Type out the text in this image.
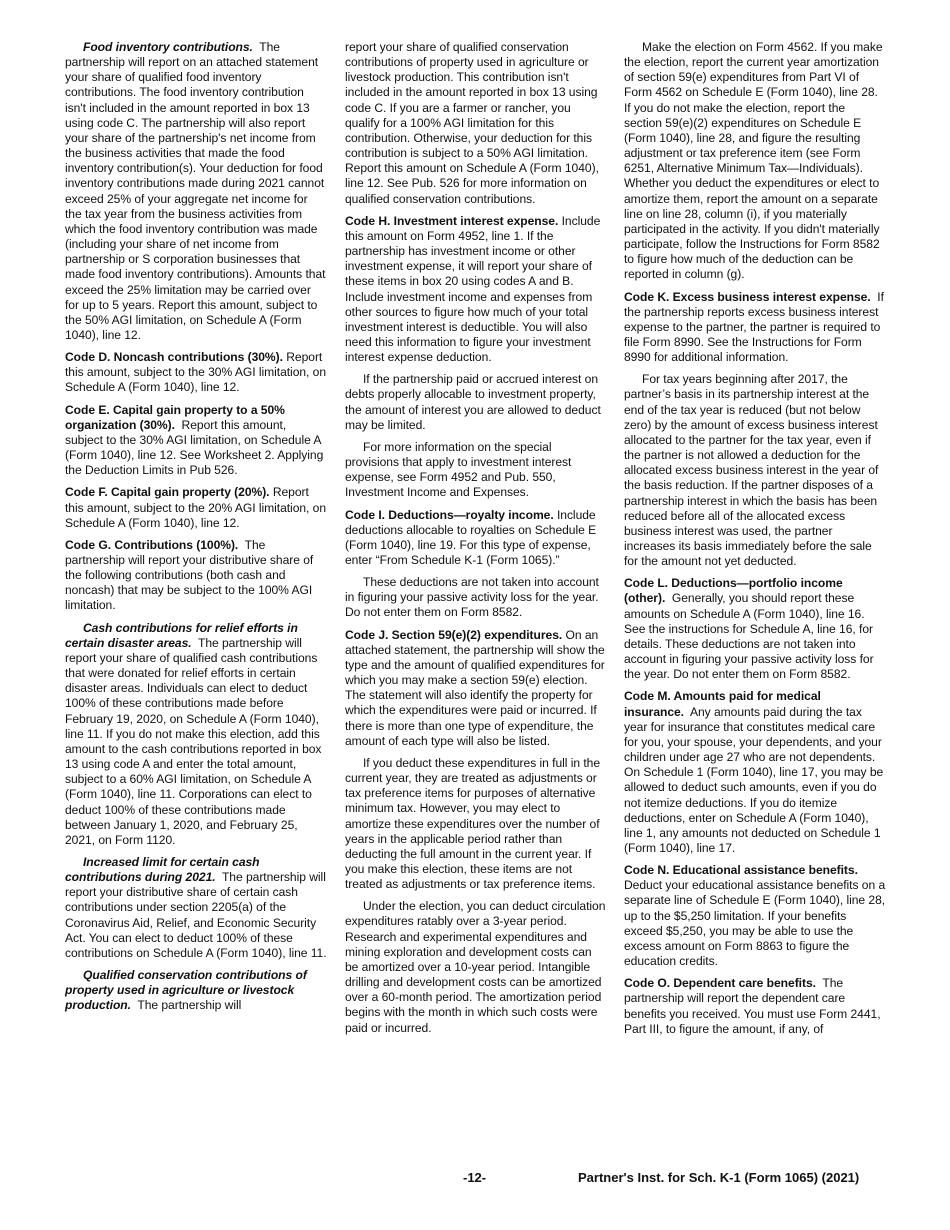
Food inventory contributions. The partnership will report on an attached statement your share of qualified food inventory contributions. The food inventory contribution isn't included in the amount reported in box 13 using code C. The partnership will also report your share of the partnership's net income from the business activities that made the food inventory contribution(s). Your deduction for food inventory contributions made during 2021 cannot exceed 25% of your aggregate net income for the tax year from the business activities from which the food inventory contribution was made (including your share of net income from partnership or S corporation businesses that made food inventory contributions). Amounts that exceed the 25% limitation may be carried over for up to 5 years. Report this amount, subject to the 50% AGI limitation, on Schedule A (Form 1040), line 12.

Code D. Noncash contributions (30%). Report this amount, subject to the 30% AGI limitation, on Schedule A (Form 1040), line 12.

Code E. Capital gain property to a 50% organization (30%). Report this amount, subject to the 30% AGI limitation, on Schedule A (Form 1040), line 12. See Worksheet 2. Applying the Deduction Limits in Pub 526.

Code F. Capital gain property (20%). Report this amount, subject to the 20% AGI limitation, on Schedule A (Form 1040), line 12.

Code G. Contributions (100%). The partnership will report your distributive share of the following contributions (both cash and noncash) that may be subject to the 100% AGI limitation.

Cash contributions for relief efforts in certain disaster areas. The partnership will report your share of qualified cash contributions that were donated for relief efforts in certain disaster areas. Individuals can elect to deduct 100% of these contributions made before February 19, 2020, on Schedule A (Form 1040), line 11. If you do not make this election, add this amount to the cash contributions reported in box 13 using code A and enter the total amount, subject to a 60% AGI limitation, on Schedule A (Form 1040), line 11. Corporations can elect to deduct 100% of these contributions made between January 1, 2020, and February 25, 2021, on Form 1120.

Increased limit for certain cash contributions during 2021. The partnership will report your distributive share of certain cash contributions under section 2205(a) of the Coronavirus Aid, Relief, and Economic Security Act. You can elect to deduct 100% of these contributions on Schedule A (Form 1040), line 11.

Qualified conservation contributions of property used in agriculture or livestock production. The partnership will

report your share of qualified conservation contributions of property used in agriculture or livestock production. This contribution isn't included in the amount reported in box 13 using code C. If you are a farmer or rancher, you qualify for a 100% AGI limitation for this contribution. Otherwise, your deduction for this contribution is subject to a 50% AGI limitation. Report this amount on Schedule A (Form 1040), line 12. See Pub. 526 for more information on qualified conservation contributions.

Code H. Investment interest expense. Include this amount on Form 4952, line 1. If the partnership has investment income or other investment expense, it will report your share of these items in box 20 using codes A and B. Include investment income and expenses from other sources to figure how much of your total investment interest is deductible. You will also need this information to figure your investment interest expense deduction.

If the partnership paid or accrued interest on debts properly allocable to investment property, the amount of interest you are allowed to deduct may be limited.

For more information on the special provisions that apply to investment interest expense, see Form 4952 and Pub. 550, Investment Income and Expenses.

Code I. Deductions—royalty income. Include deductions allocable to royalties on Schedule E (Form 1040), line 19. For this type of expense, enter “From Schedule K-1 (Form 1065).”

These deductions are not taken into account in figuring your passive activity loss for the year. Do not enter them on Form 8582.

Code J. Section 59(e)(2) expenditures. On an attached statement, the partnership will show the type and the amount of qualified expenditures for which you may make a section 59(e) election. The statement will also identify the property for which the expenditures were paid or incurred. If there is more than one type of expenditure, the amount of each type will also be listed.

If you deduct these expenditures in full in the current year, they are treated as adjustments or tax preference items for purposes of alternative minimum tax. However, you may elect to amortize these expenditures over the number of years in the applicable period rather than deducting the full amount in the current year. If you make this election, these items are not treated as adjustments or tax preference items.

Under the election, you can deduct circulation expenditures ratably over a 3-year period. Research and experimental expenditures and mining exploration and development costs can be amortized over a 10-year period. Intangible drilling and development costs can be amortized over a 60-month period. The amortization period begins with the month in which such costs were paid or incurred.

Make the election on Form 4562. If you make the election, report the current year amortization of section 59(e) expenditures from Part VI of Form 4562 on Schedule E (Form 1040), line 28. If you do not make the election, report the section 59(e)(2) expenditures on Schedule E (Form 1040), line 28, and figure the resulting adjustment or tax preference item (see Form 6251, Alternative Minimum Tax—Individuals). Whether you deduct the expenditures or elect to amortize them, report the amount on a separate line on line 28, column (i), if you materially participated in the activity. If you didn't materially participate, follow the Instructions for Form 8582 to figure how much of the deduction can be reported in column (g).

Code K. Excess business interest expense. If the partnership reports excess business interest expense to the partner, the partner is required to file Form 8990. See the Instructions for Form 8990 for additional information.

For tax years beginning after 2017, the partner’s basis in its partnership interest at the end of the tax year is reduced (but not below zero) by the amount of excess business interest allocated to the partner for the tax year, even if the partner is not allowed a deduction for the allocated excess business interest in the year of the basis reduction. If the partner disposes of a partnership interest in which the basis has been reduced before all of the allocated excess business interest was used, the partner increases its basis immediately before the sale for the amount not yet deducted.

Code L. Deductions—portfolio income (other). Generally, you should report these amounts on Schedule A (Form 1040), line 16. See the instructions for Schedule A, line 16, for details. These deductions are not taken into account in figuring your passive activity loss for the year. Do not enter them on Form 8582.

Code M. Amounts paid for medical insurance. Any amounts paid during the tax year for insurance that constitutes medical care for you, your spouse, your dependents, and your children under age 27 who are not dependents. On Schedule 1 (Form 1040), line 17, you may be allowed to deduct such amounts, even if you do not itemize deductions. If you do itemize deductions, enter on Schedule A (Form 1040), line 1, any amounts not deducted on Schedule 1 (Form 1040), line 17.

Code N. Educational assistance benefits. Deduct your educational assistance benefits on a separate line of Schedule E (Form 1040), line 28, up to the $5,250 limitation. If your benefits exceed $5,250, you may be able to use the excess amount on Form 8863 to figure the education credits.

Code O. Dependent care benefits. The partnership will report the dependent care benefits you received. You must use Form 2441, Part III, to figure the amount, if any, of

-12-	Partner's Inst. for Sch. K-1 (Form 1065) (2021)
